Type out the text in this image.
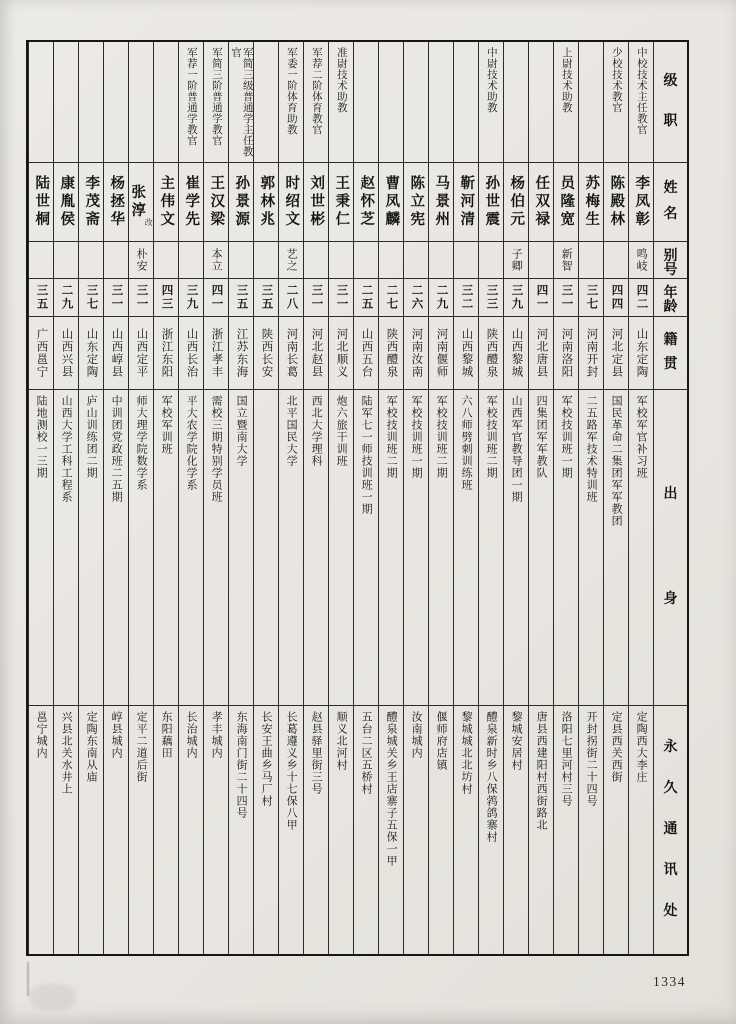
级
职
姓
名
别
号
年
龄
籍
贯
出
身
永
久
通
讯
处
中校技术主任教官
李凤彰
鸣岐
四二
山东定陶
军校军官补习班
定陶西大李庄
少校技术教官
陈殿林
四四
河北定县
国民革命二集团军军教团
定县西关西街
苏梅生
三七
河南开封
二五路军技术特训班
开封拐街二十四号
上尉技术助教
员隆宽
新智
三一
河南洛阳
军校技训班一期
洛阳七里河村三号
任双禄
四一
河北唐县
四集团军军教队
唐县西建阳村西街路北
杨伯元
子卿
三九
山西黎城
山西军官教导团一期
黎城安居村
中尉技术助教
孙世震
三三
陕西醴泉
军校技训班二期
醴泉新时乡八保鹁鸽寨村
靳河清
三二
山西黎城
六八师劈刺训练班
黎城城北北坊村
马景州
二九
河南偃师
军校技训班二期
偃师府店镇
陈立宪
二六
河南汝南
军校技训班一期
汝南城内
曹凤麟
二七
陕西醴泉
军校技训班二期
醴泉城关乡王店寨子五保一甲
赵怀芝
二五
山西五台
陆军七一师技训班一期
五台二区五桥村
准尉技术助教
王秉仁
三一
河北顺义
炮六旅干训班
顺义北河村
军荐二阶体育教官
刘世彬
三一
河北赵县
西北大学理科
赵县驿里街三号
军委一阶体育助教
时绍文
艺之
二八
河南长葛
北平国民大学
长葛遵义乡十七保八甲
郭林兆
三五
陕西长安
长安王曲乡马厂村
军简三级普通学主任教官
孙景源
三五
江苏东海
国立暨南大学
东海南门街二十四号
军简三阶普通学教官
王汉梁
本立
四一
浙江孝丰
需校三期特别学员班
孝丰城内
军荐一阶普通学教官
崔学先
三九
山西长治
平大农学院化学系
长治城内
主伟文
四三
浙江东阳
军校军训班
东阳藕田
张淳
改
朴安
三一
山西定平
师大理学院数学系
定平二道后街
杨拯华
三一
山西崞县
中训团党政班二五期
崞县城内
李茂斋
三七
山东定陶
庐山训练团二期
定陶东南从庙
康胤侯
二九
山西兴县
山西大学工科工程系
兴县北关水井上
陆世桐
三五
广西邕宁
陆地测校一三期
邕宁城内
1334
